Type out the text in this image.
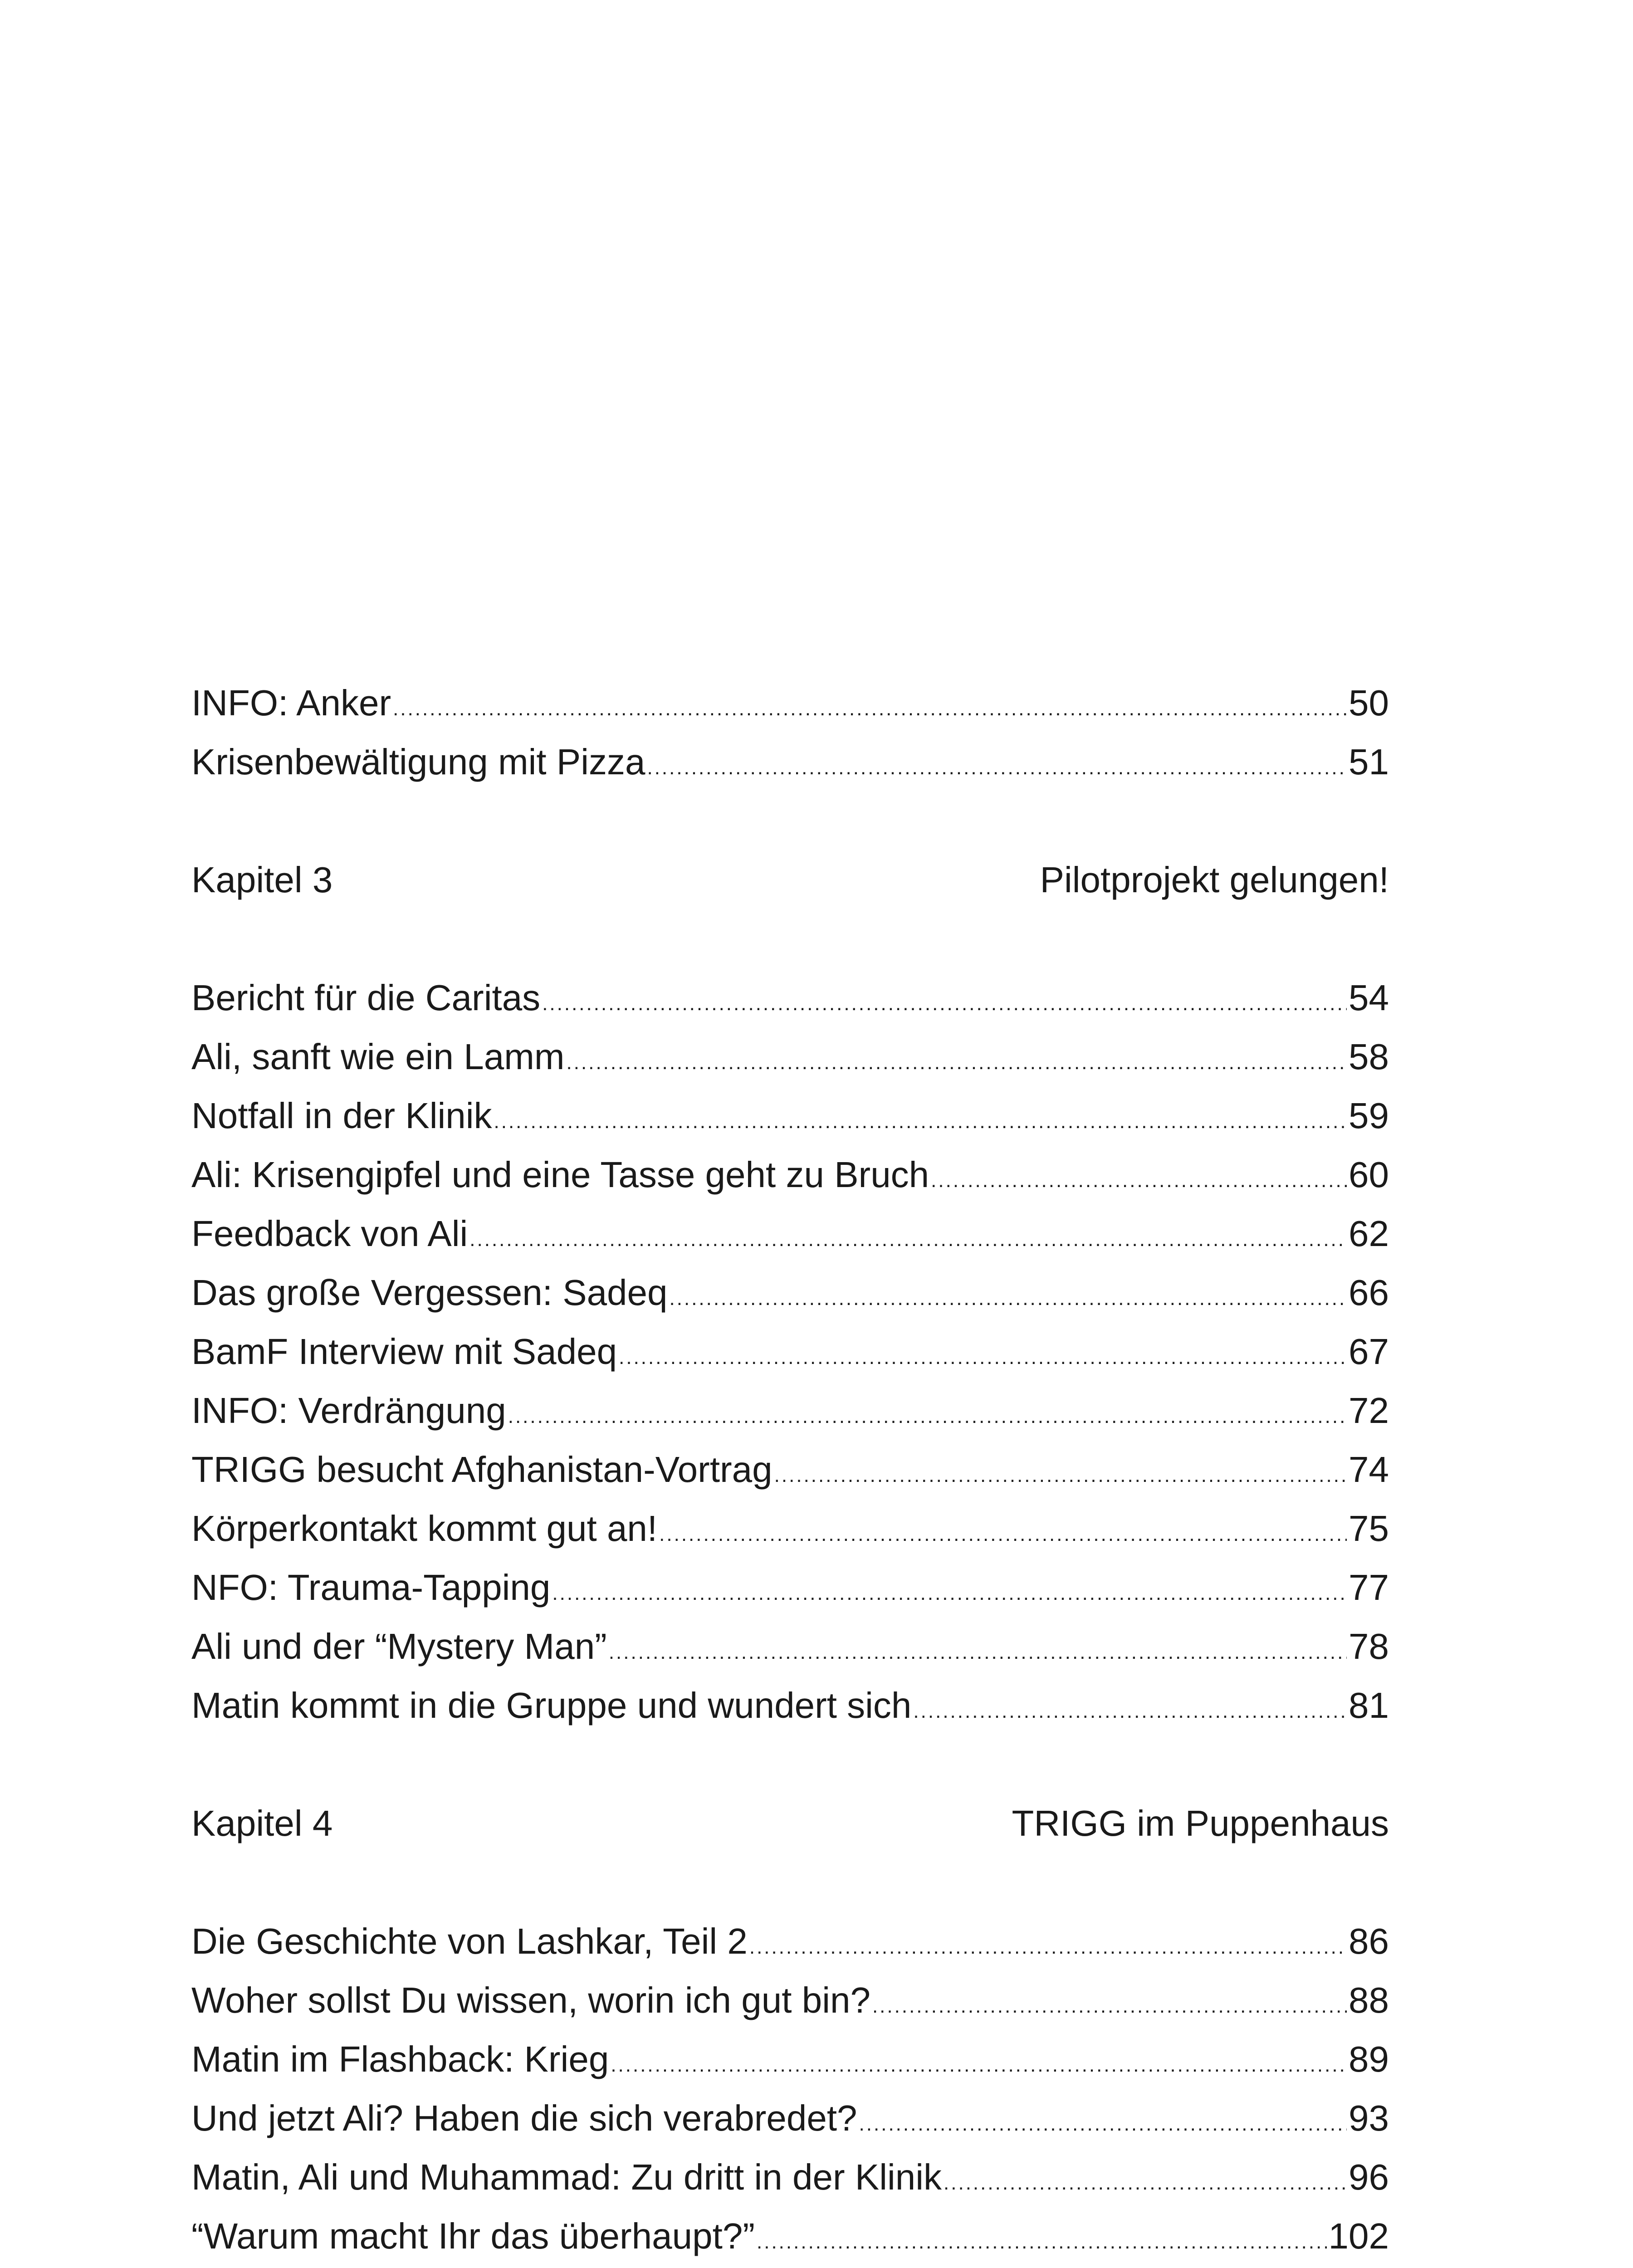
INFO: Anker .....	50
Krisenbewältigung mit Pizza .....	51
Kapitel 3	Pilotprojekt gelungen!
Bericht für die Caritas .....	54
Ali, sanft wie ein Lamm .....	58
Notfall in der Klinik .....	59
Ali: Krisengipfel und eine Tasse geht zu Bruch .....	60
Feedback von Ali .....	62
Das große Vergessen: Sadeq .....	66
BamF Interview mit Sadeq .....	67
INFO: Verdrängung .....	72
TRIGG besucht Afghanistan-Vortrag .....	74
Körperkontakt kommt gut an! .....	75
NFO: Trauma-Tapping .....	77
Ali und der “Mystery Man” .....	78
Matin kommt in die Gruppe und wundert sich .....	81
Kapitel 4	TRIGG im Puppenhaus
Die Geschichte von Lashkar, Teil 2 .....	86
Woher sollst Du wissen, worin ich gut bin? .....	88
Matin im Flashback: Krieg .....	89
Und jetzt Ali? Haben die sich verabredet? .....	93
Matin, Ali und Muhammad: Zu dritt in der Klinik .....	96
“Warum macht Ihr das überhaupt?” .....	102
